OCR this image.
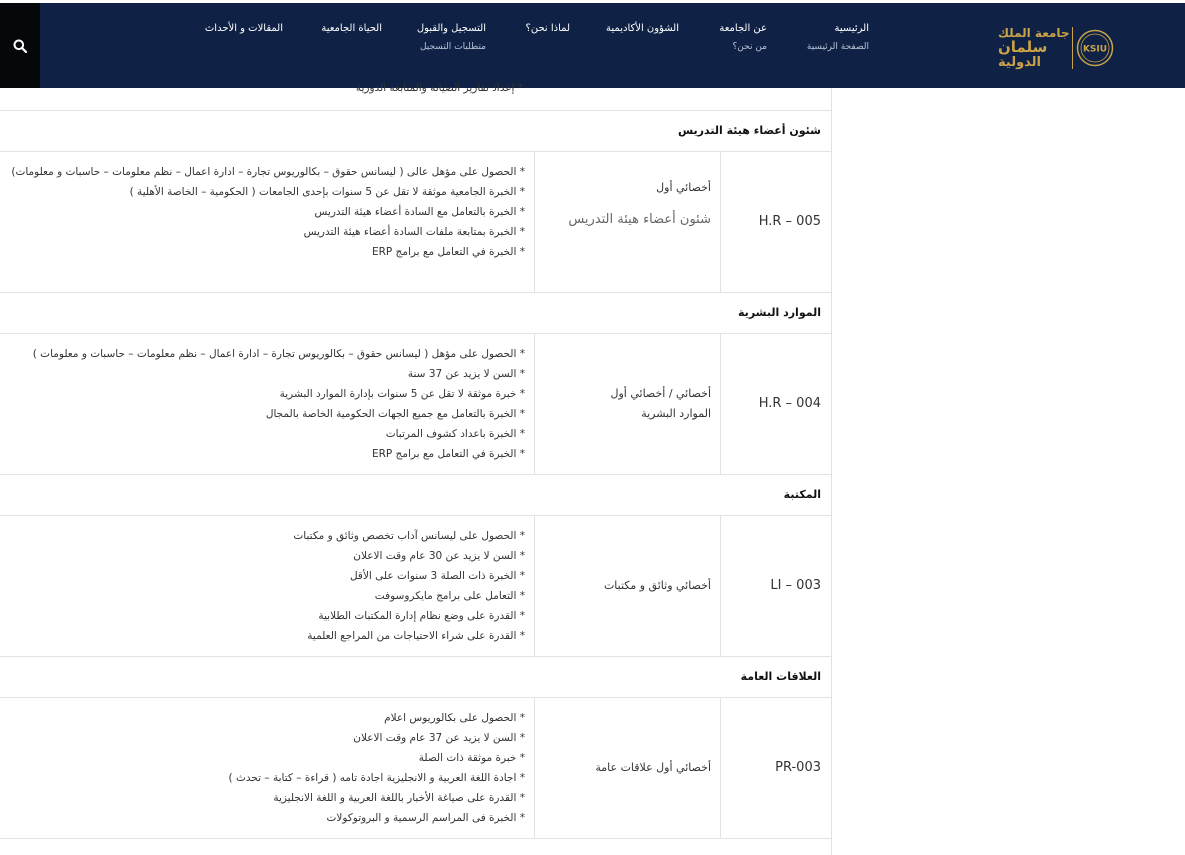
الرئيسية
الصفحة الرئيسية
عن الجامعة
من نحن؟
الشؤون الأكاديمية
لماذا نحن؟
التسجيل والقبول
متطلبات التسجيل
الحياة الجامعية
المقالات و الأحداث	جامعة الملك
سلمان
الدولية
KSIU
* إعداد تقارير الصيانة والمتابعة الدورية
شئون أعضاء هيئة التدريس
H.R – 005
أخصائي أول
شئون أعضاء هيئة التدريس
* الحصول على مؤهل عالى ( ليسانس حقوق – بكالوريوس تجارة – ادارة اعمال – نظم معلومات – حاسبات و معلومات)
* الخبرة الجامعية موثقة لا تقل عن 5 سنوات بإحدى الجامعات ( الحكومية – الخاصة الأهلية )
* الخبرة بالتعامل مع السادة أعضاء هيئة التدريس
* الخبرة بمتابعة ملفات السادة أعضاء هيئة التدريس
* الخبرة في التعامل مع برامج ERP
الموارد البشرية
H.R – 004
أخصائي / أخصائي أول
الموارد البشرية
* الحصول على مؤهل ( ليسانس حقوق – بكالوريوس تجارة – ادارة اعمال – نظم معلومات – حاسبات و معلومات )
* السن لا يزيد عن 37 سنة
* خبرة موثقة لا تقل عن 5 سنوات بإدارة الموارد البشرية
* الخبرة بالتعامل مع جميع الجهات الحكومية الخاصة بالمجال
* الخبرة باعداد كشوف المرتبات
* الخبرة في التعامل مع برامج ERP
المكتبة
LI – 003
أخصائي وثائق و مكتبات
* الحصول على ليسانس آداب تخصص وثائق و مكتبات
* السن لا يزيد عن 30 عام وقت الاعلان
* الخبرة ذات الصلة 3 سنوات على الأقل
* التعامل على برامج مايكروسوفت
* القدرة على وضع نظام إدارة المكتبات الطلابية
* القدرة على شراء الاحتياجات من المراجع العلمية
العلاقات العامة
PR-003
أخصائي أول علاقات عامة
* الحصول على بكالوريوس اعلام
* السن لا يزيد عن 37 عام وقت الاعلان
* خبرة موثقة ذات الصلة
* اجادة اللغة العربية و الانجليزية اجادة تامه ( قراءة – كتابة – تحدث )
* القدرة على صياغة الأخبار باللغة العربية و اللغة الانجليزية
* الخبرة فى المراسم الرسمية و البروتوكولات
